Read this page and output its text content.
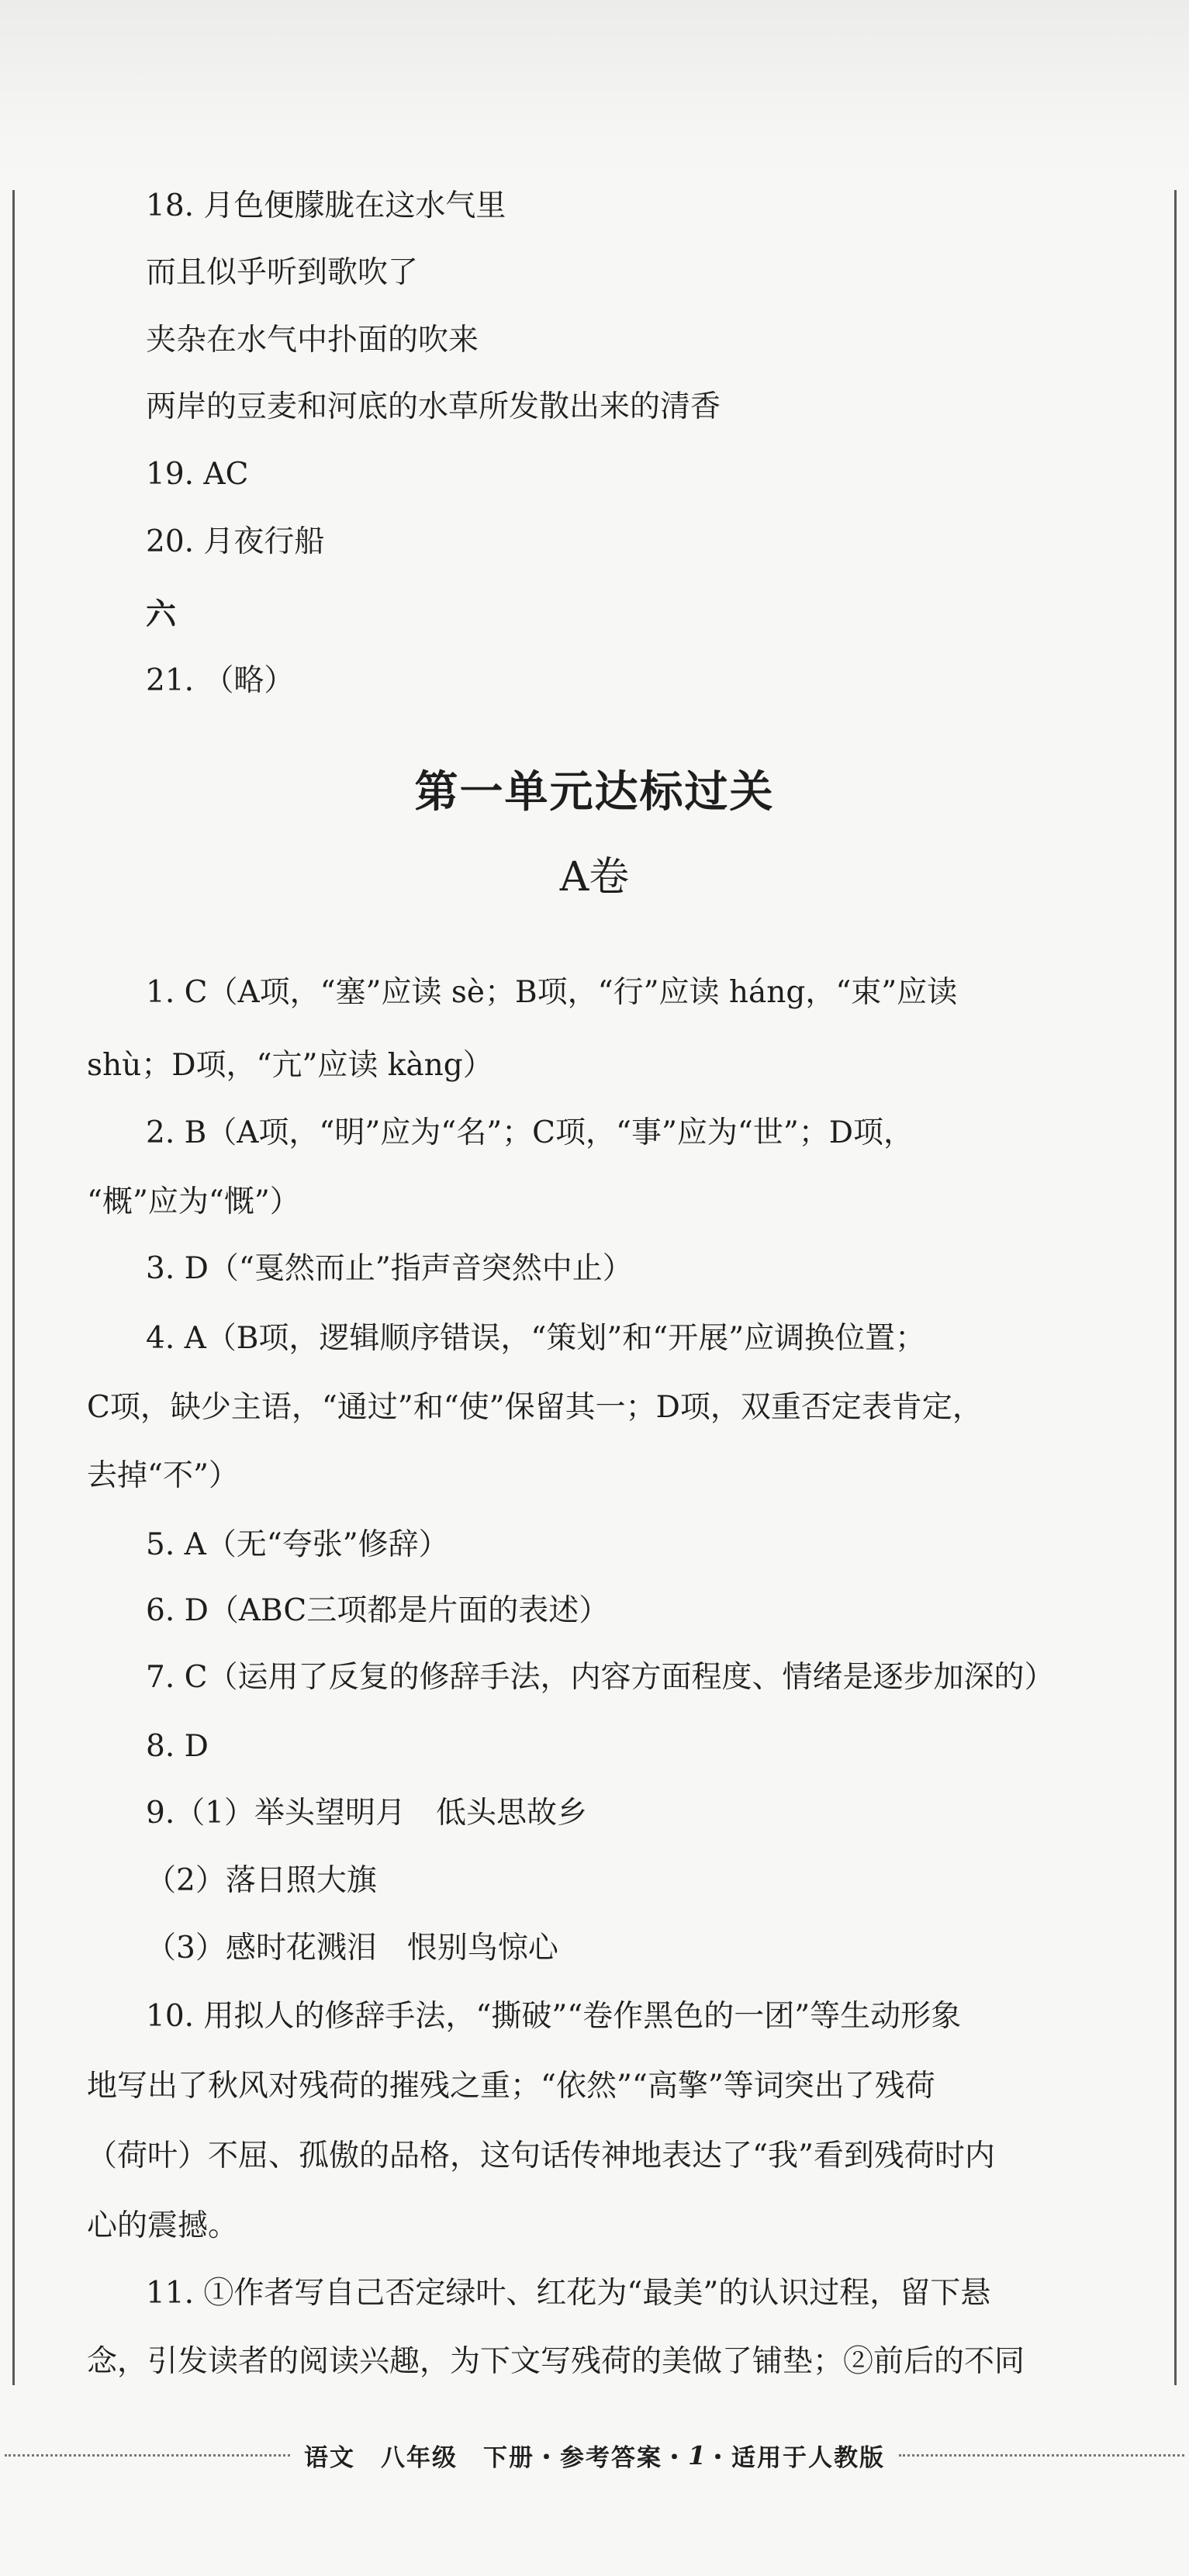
18. 月色便朦胧在这水气里
而且似乎听到歌吹了
夹杂在水气中扑面的吹来
两岸的豆麦和河底的水草所发散出来的清香
19. AC
20. 月夜行船
六
21. （略）
第一单元达标过关
A卷
1. C（A项，“塞”应读 sè；B项，“行”应读 háng，“束”应读
shù；D项，“亢”应读 kàng）
2. B（A项，“明”应为“名”；C项，“事”应为“世”；D项，
“概”应为“慨”）
3. D（“戛然而止”指声音突然中止）
4. A（B项，逻辑顺序错误，“策划”和“开展”应调换位置；
C项，缺少主语，“通过”和“使”保留其一；D项，双重否定表肯定，
去掉“不”）
5. A（无“夸张”修辞）
6. D（ABC三项都是片面的表述）
7. C（运用了反复的修辞手法，内容方面程度、情绪是逐步加深的）
8. D
9.（1）举头望明月　低头思故乡
（2）落日照大旗
（3）感时花溅泪　恨别鸟惊心
10. 用拟人的修辞手法，“撕破”“卷作黑色的一团”等生动形象
地写出了秋风对残荷的摧残之重；“依然”“高擎”等词突出了残荷
（荷叶）不屈、孤傲的品格，这句话传神地表达了“我”看到残荷时内
心的震撼。
11. ①作者写自己否定绿叶、红花为“最美”的认识过程，留下悬
念，引发读者的阅读兴趣，为下文写残荷的美做了铺垫；②前后的不同
语文　八年级　下册・参考答案・ 1 ・适用于人教版
